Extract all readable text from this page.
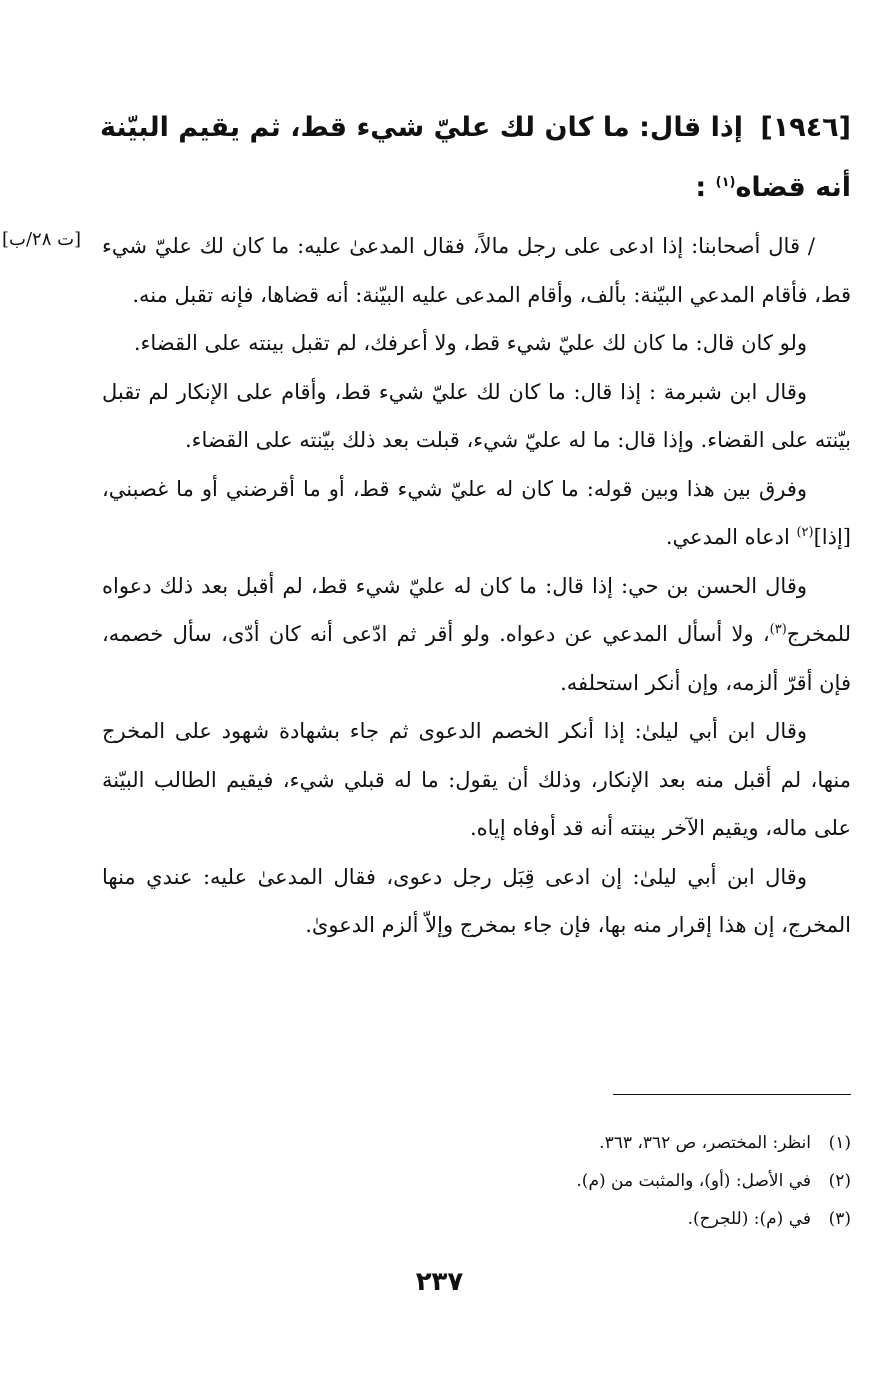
[١٩٤٦] إذا قال: ما كان لك عليّ شيء قط، ثم يقيم البيّنة أنه قضاه$^{(١)}$ :
[ت ٢٨/ب] / قال أصحابنا: إذا ادعى على رجل مالاً، فقال المدعىٰ عليه: ما كان لك عليّ شيء قط، فأقام المدعي البيّنة: بألف، وأقام المدعى عليه البيّنة: أنه قضاها، فإنه تقبل منه.

ولو كان قال: ما كان لك عليّ شيء قط، ولا أعرفك، لم تقبل بينته على القضاء.

وقال ابن شبرمة : إذا قال: ما كان لك عليّ شيء قط، وأقام على الإنكار لم تقبل بيّنته على القضاء. وإذا قال: ما له عليّ شيء، قبلت بعد ذلك بيّنته على القضاء.

وفرق بين هذا وبين قوله: ما كان له عليّ شيء قط، أو ما أقرضني أو ما غصبني، [إذا]$^{(٢)}$ ادعاه المدعي.

وقال الحسن بن حي: إذا قال: ما كان له عليّ شيء قط، لم أقبل بعد ذلك دعواه للمخرج$^{(٣)}$، ولا أسأل المدعي عن دعواه. ولو أقر ثم ادّعى أنه كان أدّى، سأل خصمه، فإن أقرّ ألزمه، وإن أنكر استحلفه.

وقال ابن أبي ليلىٰ: إذا أنكر الخصم الدعوى ثم جاء بشهادة شهود على المخرج منها، لم أقبل منه بعد الإنكار، وذلك أن يقول: ما له قبلي شيء، فيقيم الطالب البيّنة على ماله، ويقيم الآخر بينته أنه قد أوفاه إياه.

وقال ابن أبي ليلىٰ: إن ادعى قِبَل رجل دعوى، فقال المدعىٰ عليه: عندي منها المخرج، إن هذا إقرار منه بها، فإن جاء بمخرج وإلاّ ألزم الدعوىٰ.

(١)انظر: المختصر، ص ٣٦٢، ٣٦٣.
(٢)في الأصل: (أو)، والمثبت من (م).
(٣)في (م): (للجرح).
٢٣٧
